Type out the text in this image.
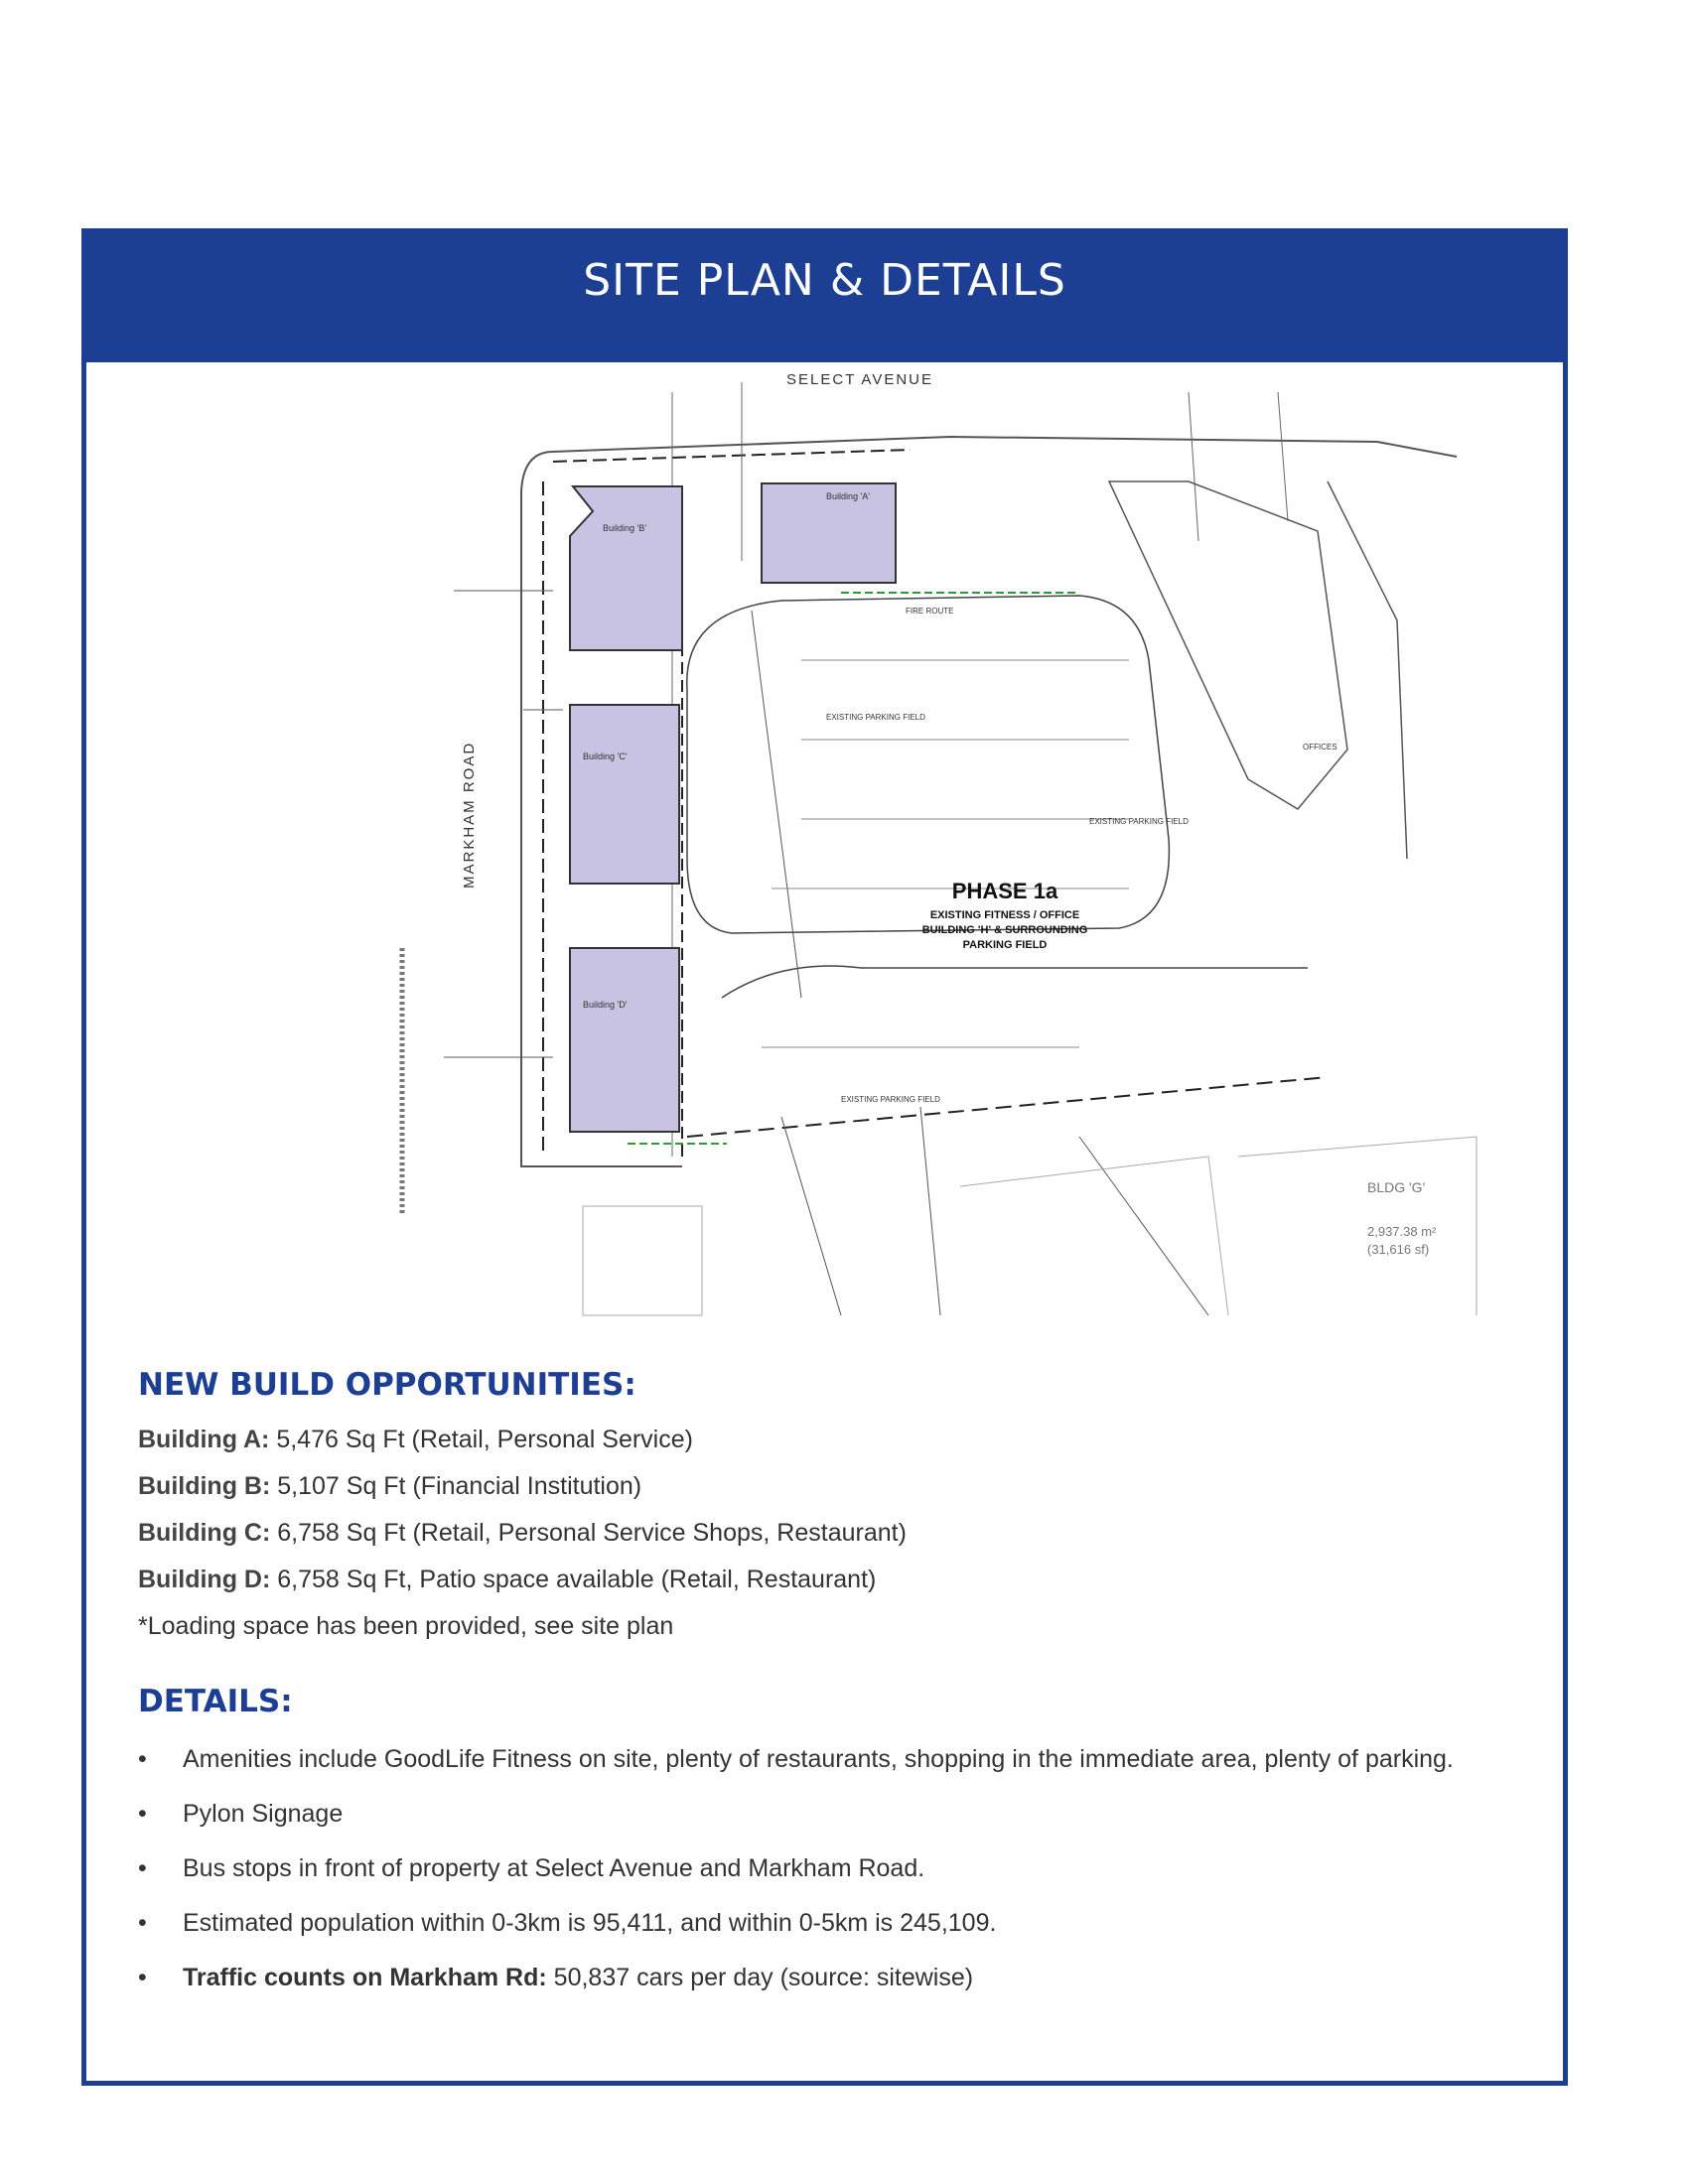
SITE PLAN & DETAILS
SELECT AVENUE
MARKHAM ROAD
Building 'B'
Building 'A'
Building 'C'
Building 'D'
EXISTING PARKING FIELD
EXISTING PARKING FIELD
EXISTING PARKING FIELD
FIRE ROUTE
OFFICES
PHASE 1a
EXISTING FITNESS / OFFICE
BUILDING 'H' & SURROUNDING
PARKING FIELD
BLDG 'G'
2,937.38 m²
(31,616 sf)
NEW BUILD OPPORTUNITIES:

Building A: 5,476 Sq Ft (Retail, Personal Service)

Building B: 5,107 Sq Ft (Financial Institution)

Building C: 6,758 Sq Ft (Retail, Personal Service Shops, Restaurant)

Building D: 6,758 Sq Ft, Patio space available (Retail, Restaurant)

*Loading space has been provided, see site plan

DETAILS:
• Amenities include GoodLife Fitness on site, plenty of restaurants, shopping in the immediate area, plenty of parking.
• Pylon Signage
• Bus stops in front of property at Select Avenue and Markham Road.
• Estimated population within 0-3km is 95,411, and within 0-5km is 245,109.
• Traffic counts on Markham Rd: 50,837 cars per day (source: sitewise)
